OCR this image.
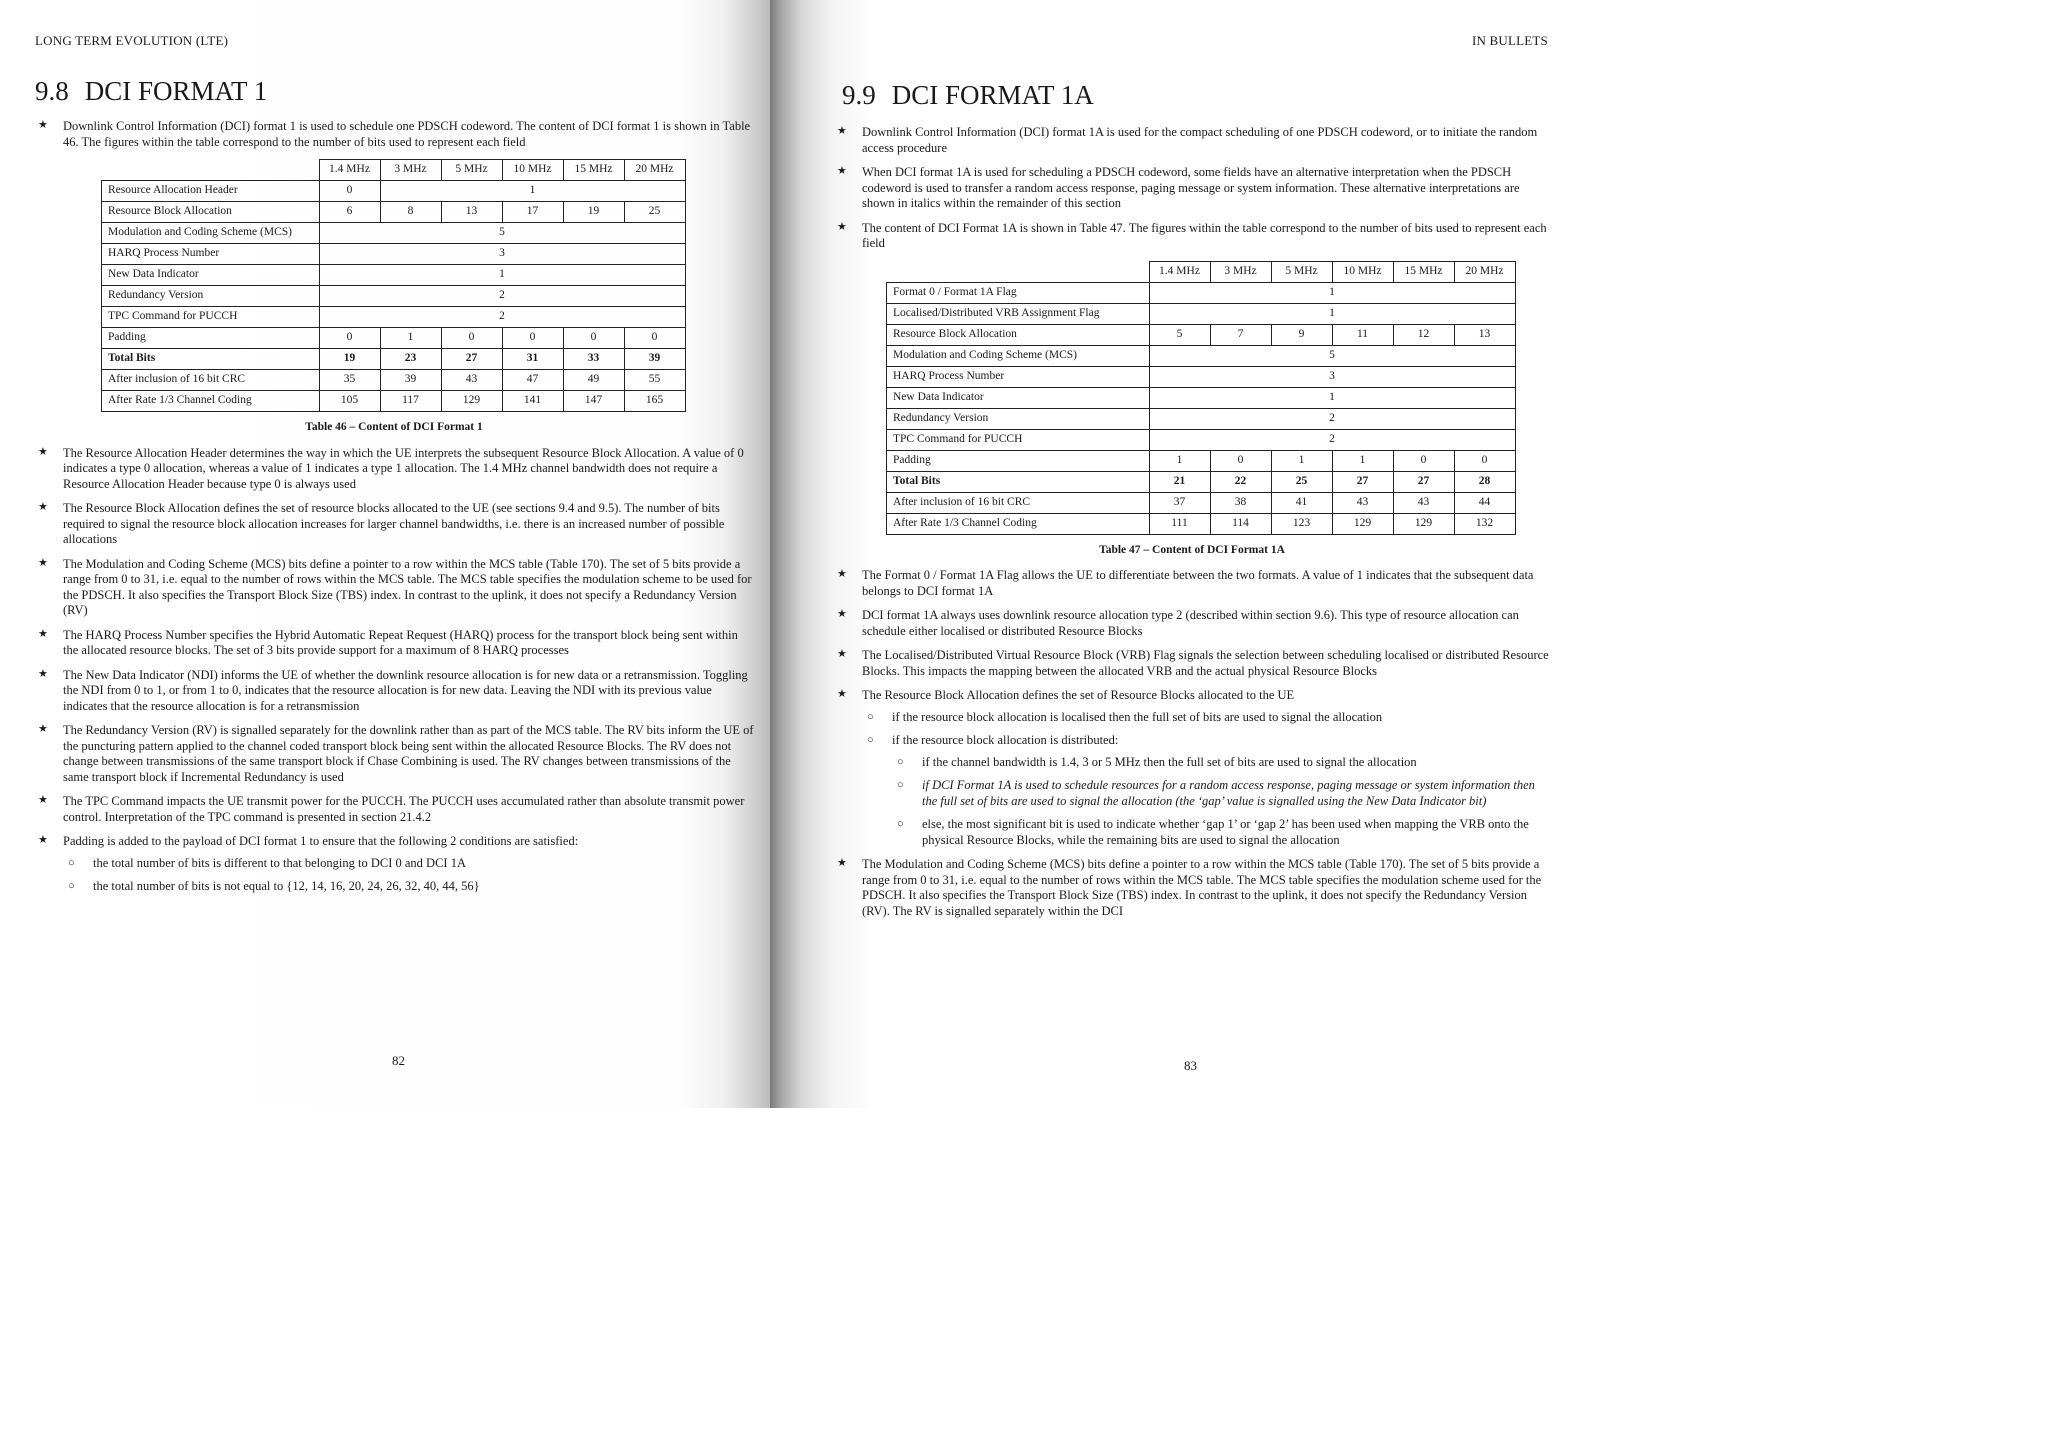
LONG TERM EVOLUTION (LTE)
9.8 DCI FORMAT 1
★ Downlink Control Information (DCI) format 1 is used to schedule one PDSCH codeword. The content of DCI format 1 is shown in Table 46. The figures within the table correspond to the number of bits used to represent each field
	1.4 MHz	3 MHz	5 MHz	10 MHz	15 MHz	20 MHz
Resource Allocation Header	0	1				
Resource Block Allocation	6	8	13	17	19	25
Modulation and Coding Scheme (MCS)	5					
HARQ Process Number	3					
New Data Indicator	1					
Redundancy Version	2					
TPC Command for PUCCH	2					
Padding	0	1	0	0	0	0
Total Bits	19	23	27	31	33	39
After inclusion of 16 bit CRC	35	39	43	47	49	55
After Rate 1/3 Channel Coding	105	117	129	141	147	165
Table 46 – Content of DCI Format 1
★ The Resource Allocation Header determines the way in which the UE interprets the subsequent Resource Block Allocation. A value of 0 indicates a type 0 allocation, whereas a value of 1 indicates a type 1 allocation. The 1.4 MHz channel bandwidth does not require a Resource Allocation Header because type 0 is always used
★ The Resource Block Allocation defines the set of resource blocks allocated to the UE (see sections 9.4 and 9.5). The number of bits required to signal the resource block allocation increases for larger channel bandwidths, i.e. there is an increased number of possible allocations
★ The Modulation and Coding Scheme (MCS) bits define a pointer to a row within the MCS table (Table 170). The set of 5 bits provide a range from 0 to 31, i.e. equal to the number of rows within the MCS table. The MCS table specifies the modulation scheme to be used for the PDSCH. It also specifies the Transport Block Size (TBS) index. In contrast to the uplink, it does not specify a Redundancy Version (RV)
★ The HARQ Process Number specifies the Hybrid Automatic Repeat Request (HARQ) process for the transport block being sent within the allocated resource blocks. The set of 3 bits provide support for a maximum of 8 HARQ processes
★ The New Data Indicator (NDI) informs the UE of whether the downlink resource allocation is for new data or a retransmission. Toggling the NDI from 0 to 1, or from 1 to 0, indicates that the resource allocation is for new data. Leaving the NDI with its previous value indicates that the resource allocation is for a retransmission
★ The Redundancy Version (RV) is signalled separately for the downlink rather than as part of the MCS table. The RV bits inform the UE of the puncturing pattern applied to the channel coded transport block being sent within the allocated Resource Blocks. The RV does not change between transmissions of the same transport block if Chase Combining is used. The RV changes between transmissions of the same transport block if Incremental Redundancy is used
★ The TPC Command impacts the UE transmit power for the PUCCH. The PUCCH uses accumulated rather than absolute transmit power control. Interpretation of the TPC command is presented in section 21.4.2
★ Padding is added to the payload of DCI format 1 to ensure that the following 2 conditions are satisfied:
○ the total number of bits is different to that belonging to DCI 0 and DCI 1A
○ the total number of bits is not equal to {12, 14, 16, 20, 24, 26, 32, 40, 44, 56}
82
IN BULLETS
9.9 DCI FORMAT 1A
★ Downlink Control Information (DCI) format 1A is used for the compact scheduling of one PDSCH codeword, or to initiate the random access procedure
★ When DCI format 1A is used for scheduling a PDSCH codeword, some fields have an alternative interpretation when the PDSCH codeword is used to transfer a random access response, paging message or system information. These alternative interpretations are shown in italics within the remainder of this section
★ The content of DCI Format 1A is shown in Table 47. The figures within the table correspond to the number of bits used to represent each field
	1.4 MHz	3 MHz	5 MHz	10 MHz	15 MHz	20 MHz
Format 0 / Format 1A Flag	1					
Localised/Distributed VRB Assignment Flag	1					
Resource Block Allocation	5	7	9	11	12	13
Modulation and Coding Scheme (MCS)	5					
HARQ Process Number	3					
New Data Indicator	1					
Redundancy Version	2					
TPC Command for PUCCH	2					
Padding	1	0	1	1	0	0
Total Bits	21	22	25	27	27	28
After inclusion of 16 bit CRC	37	38	41	43	43	44
After Rate 1/3 Channel Coding	111	114	123	129	129	132
Table 47 – Content of DCI Format 1A
★ The Format 0 / Format 1A Flag allows the UE to differentiate between the two formats. A value of 1 indicates that the subsequent data belongs to DCI format 1A
★ DCI format 1A always uses downlink resource allocation type 2 (described within section 9.6). This type of resource allocation can schedule either localised or distributed Resource Blocks
★ The Localised/Distributed Virtual Resource Block (VRB) Flag signals the selection between scheduling localised or distributed Resource Blocks. This impacts the mapping between the allocated VRB and the actual physical Resource Blocks
★ The Resource Block Allocation defines the set of Resource Blocks allocated to the UE
○ if the resource block allocation is localised then the full set of bits are used to signal the allocation
○ if the resource block allocation is distributed:
○ if the channel bandwidth is 1.4, 3 or 5 MHz then the full set of bits are used to signal the allocation
○ if DCI Format 1A is used to schedule resources for a random access response, paging message or system information then the full set of bits are used to signal the allocation (the ‘gap’ value is signalled using the New Data Indicator bit)
○ else, the most significant bit is used to indicate whether ‘gap 1’ or ‘gap 2’ has been used when mapping the VRB onto the physical Resource Blocks, while the remaining bits are used to signal the allocation
★ The Modulation and Coding Scheme (MCS) bits define a pointer to a row within the MCS table (Table 170). The set of 5 bits provide a range from 0 to 31, i.e. equal to the number of rows within the MCS table. The MCS table specifies the modulation scheme used for the PDSCH. It also specifies the Transport Block Size (TBS) index. In contrast to the uplink, it does not specify the Redundancy Version (RV). The RV is signalled separately within the DCI
83
